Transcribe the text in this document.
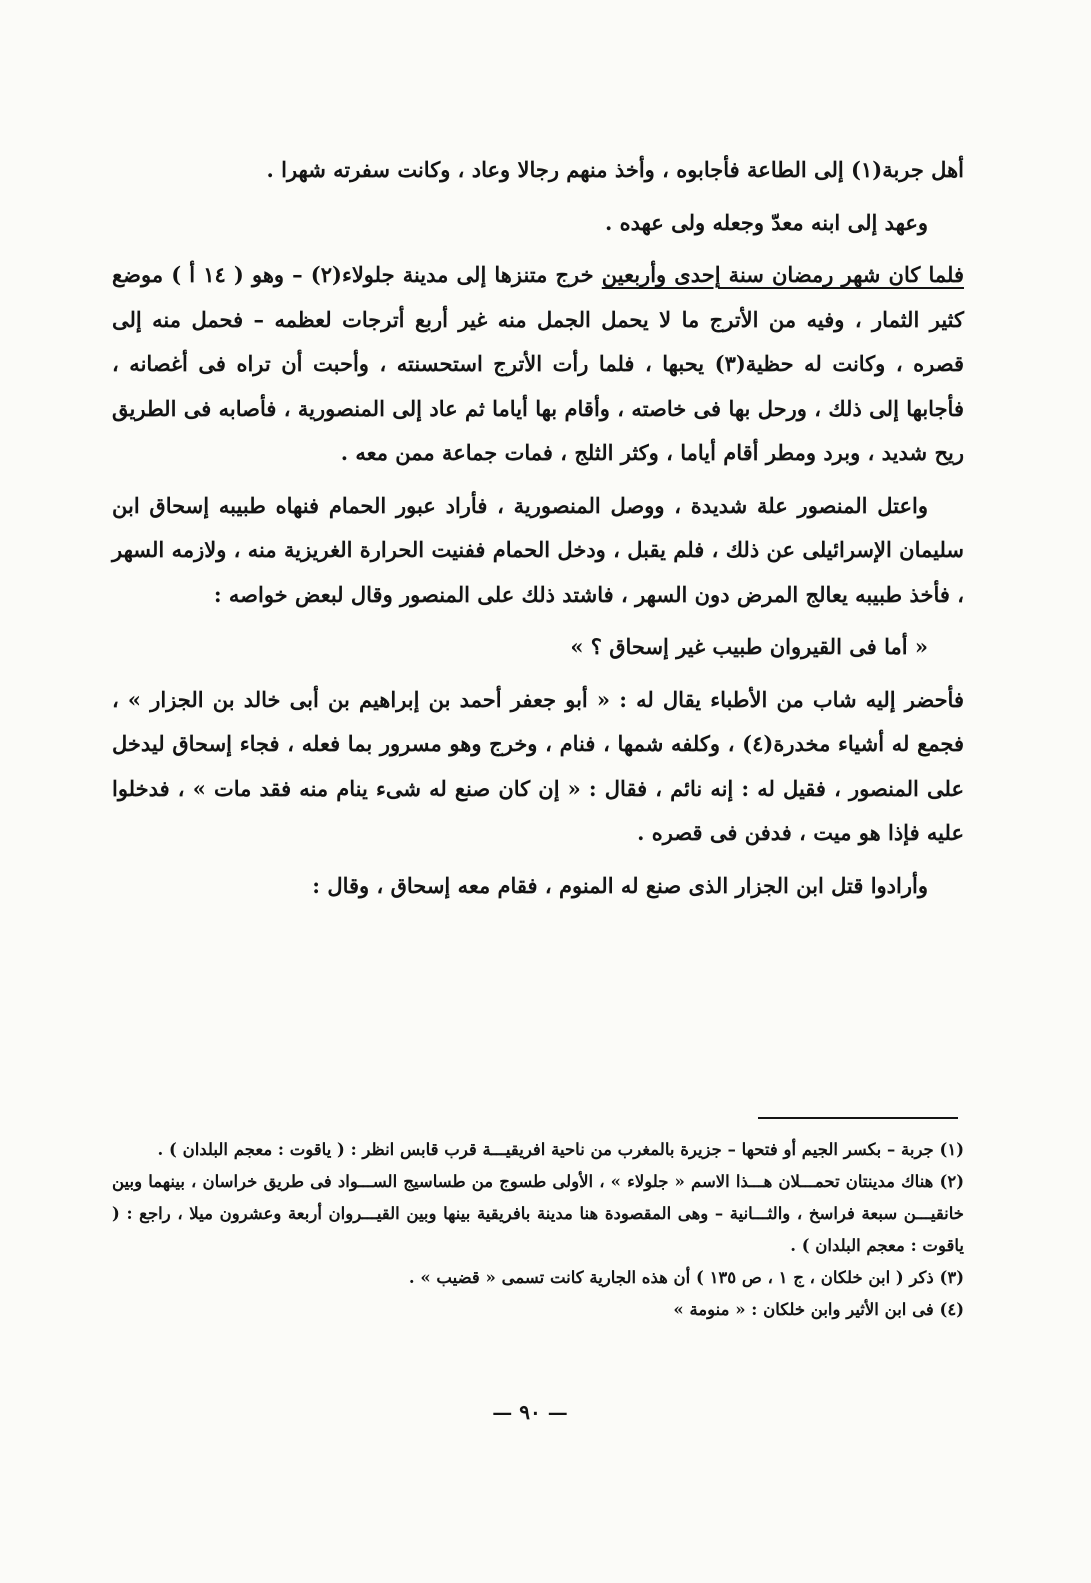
أهل جربة(١) إلى الطاعة فأجابوه ، وأخذ منهم رجالا وعاد ، وكانت سفرته شهرا .

وعهد إلى ابنه معدّ وجعله ولى عهده .

فلما كان شهر رمضان سنة إحدى وأربعين خرج متنزها إلى مدينة جلولاء(٢) – وهو ( ١٤ أ ) موضع كثير الثمار ، وفيه من الأترج ما لا يحمل الجمل منه غير أربع أترجات لعظمه – فحمل منه إلى قصره ، وكانت له حظية(٣) يحبها ، فلما رأت الأترج استحسنته ، وأحبت أن تراه فى أغصانه ، فأجابها إلى ذلك ، ورحل بها فى خاصته ، وأقام بها أياما ثم عاد إلى المنصورية ، فأصابه فى الطريق ريح شديد ، وبرد ومطر أقام أياما ، وكثر الثلج ، فمات جماعة ممن معه .

واعتل المنصور علة شديدة ، ووصل المنصورية ، فأراد عبور الحمام فنهاه طبيبه إسحاق ابن سليمان الإسرائيلى عن ذلك ، فلم يقبل ، ودخل الحمام ففنيت الحرارة الغريزية منه ، ولازمه السهر ، فأخذ طبيبه يعالج المرض دون السهر ، فاشتد ذلك على المنصور وقال لبعض خواصه :

« أما فى القيروان طبيب غير إسحاق ؟ »

فأحضر إليه شاب من الأطباء يقال له : « أبو جعفر أحمد بن إبراهيم بن أبى خالد بن الجزار » ، فجمع له أشياء مخدرة(٤) ، وكلفه شمها ، فنام ، وخرج وهو مسرور بما فعله ، فجاء إسحاق ليدخل على المنصور ، فقيل له : إنه نائم ، فقال : « إن كان صنع له شىء ينام منه فقد مات » ، فدخلوا عليه فإذا هو ميت ، فدفن فى قصره .

وأرادوا قتل ابن الجزار الذى صنع له المنوم ، فقام معه إسحاق ، وقال :

(١) جربة – بكسر الجيم أو فتحها – جزيرة بالمغرب من ناحية افريقيـــة قرب قابس انظر : ( ياقوت : معجم البلدان ) .

(٢) هناك مدينتان تحمـــلان هـــذا الاسم « جلولاء » ، الأولى طسوج من طساسيج الســـواد فى طريق خراسان ، بينهما وبين خانقيـــن سبعة فراسخ ، والثـــانية – وهى المقصودة هنا مدينة بافريقية بينها وبين القيـــروان أربعة وعشرون ميلا ، راجع : ( ياقوت : معجم البلدان ) .

(٣) ذكر ( ابن خلكان ، ج ١ ، ص ١٣٥ ) أن هذه الجارية كانت تسمى « قضيب » .

(٤) فى ابن الأثير وابن خلكان : « منومة »

— ٩٠ —
